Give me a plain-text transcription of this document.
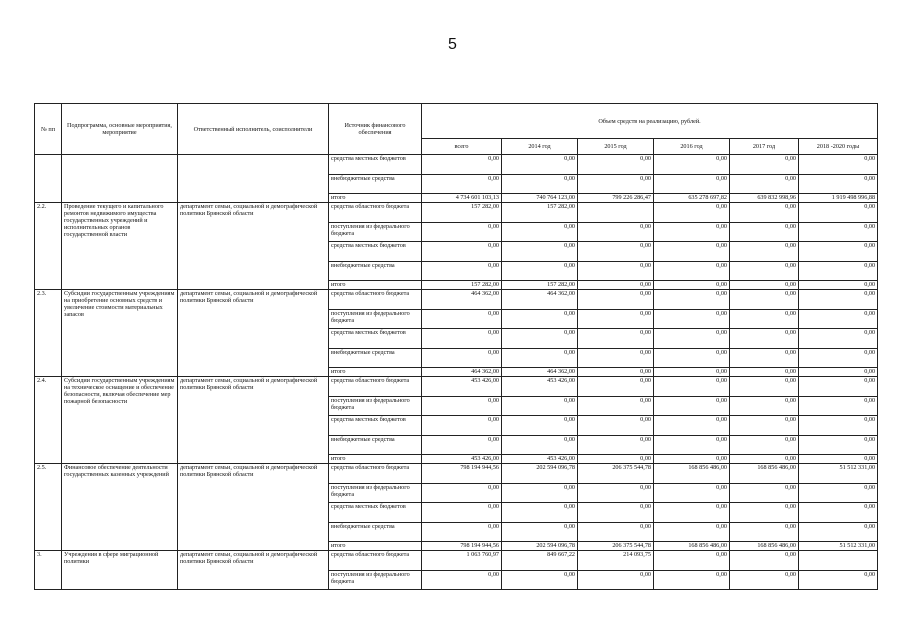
5
№ пп	Подпрограмма, основные мероприятия, мероприятие	Ответственный исполнитель, соисполнители	Источник финансового обеспечения	Объем средств на реализацию, рублей.					
				всего	2014 год	2015 год	2016 год	2017 год	2018 -2020 годы
			средства местных бюджетов	0,00	0,00	0,00	0,00	0,00	0,00
			внебюджетные средства	0,00	0,00	0,00	0,00	0,00	0,00
			итого	4 734 601 103,13	740 764 123,00	799 226 286,47	635 278 697,82	639 832 998,96	1 919 498 996,88
2.2.	Проведение текущего и капитального ремонтов недвижимого имущества государственных учреждений и исполнительных органов государственной власти	департамент семьи, социальной и демографической политики Брянской области	средства областного бюджета	157 282,00	157 282,00		0,00	0,00	0,00
			поступления из федерального бюджета	0,00	0,00	0,00	0,00	0,00	0,00
			средства местных бюджетов	0,00	0,00	0,00	0,00	0,00	0,00
			внебюджетные средства	0,00	0,00	0,00	0,00	0,00	0,00
			итого	157 282,00	157 282,00	0,00	0,00	0,00	0,00
2.3.	Субсидии государственным учреждениям на приобретение основных средств и увеличение стоимости материальных запасов	департамент семьи, социальной и демографической политики Брянской области	средства областного бюджета	464 362,00	464 362,00	0,00	0,00	0,00	0,00
			поступления из федерального бюджета	0,00	0,00	0,00	0,00	0,00	0,00
			средства местных бюджетов	0,00	0,00	0,00	0,00	0,00	0,00
			внебюджетные средства	0,00	0,00	0,00	0,00	0,00	0,00
			итого	464 362,00	464 362,00	0,00	0,00	0,00	0,00
2.4.	Субсидии государственным учреждениям на техническое оснащение и обеспечение безопасности, включая обеспечение мер пожарной безопасности	департамент семьи, социальной и демографической политики Брянской области	средства областного бюджета	453 426,00	453 426,00	0,00	0,00	0,00	0,00
			поступления из федерального бюджета	0,00	0,00	0,00	0,00	0,00	0,00
			средства местных бюджетов	0,00	0,00	0,00	0,00	0,00	0,00
			внебюджетные средства	0,00	0,00	0,00	0,00	0,00	0,00
			итого	453 426,00	453 426,00	0,00	0,00	0,00	0,00
2.5.	Финансовое обеспечение деятельности государственных казенных учреждений	департамент семьи, социальной и демографической политики Брянской области	средства областного бюджета	798 194 944,56	202 594 096,78	206 375 544,78	168 856 486,00	168 856 486,00	51 512 331,00
			поступления из федерального бюджета	0,00	0,00	0,00	0,00	0,00	0,00
			средства местных бюджетов	0,00	0,00	0,00	0,00	0,00	0,00
			внебюджетные средства	0,00	0,00	0,00	0,00	0,00	0,00
			итого	798 194 944,56	202 594 096,78	206 375 544,78	168 856 486,00	168 856 486,00	51 512 331,00
3.	Учреждения в сфере миграционной политики	департамент семьи, социальной и демографической политики Брянской области	средства областного бюджета	1 063 760,97	849 667,22	214 093,75	0,00	0,00	
			поступления из федерального бюджета	0,00	0,00	0,00	0,00	0,00	0,00
